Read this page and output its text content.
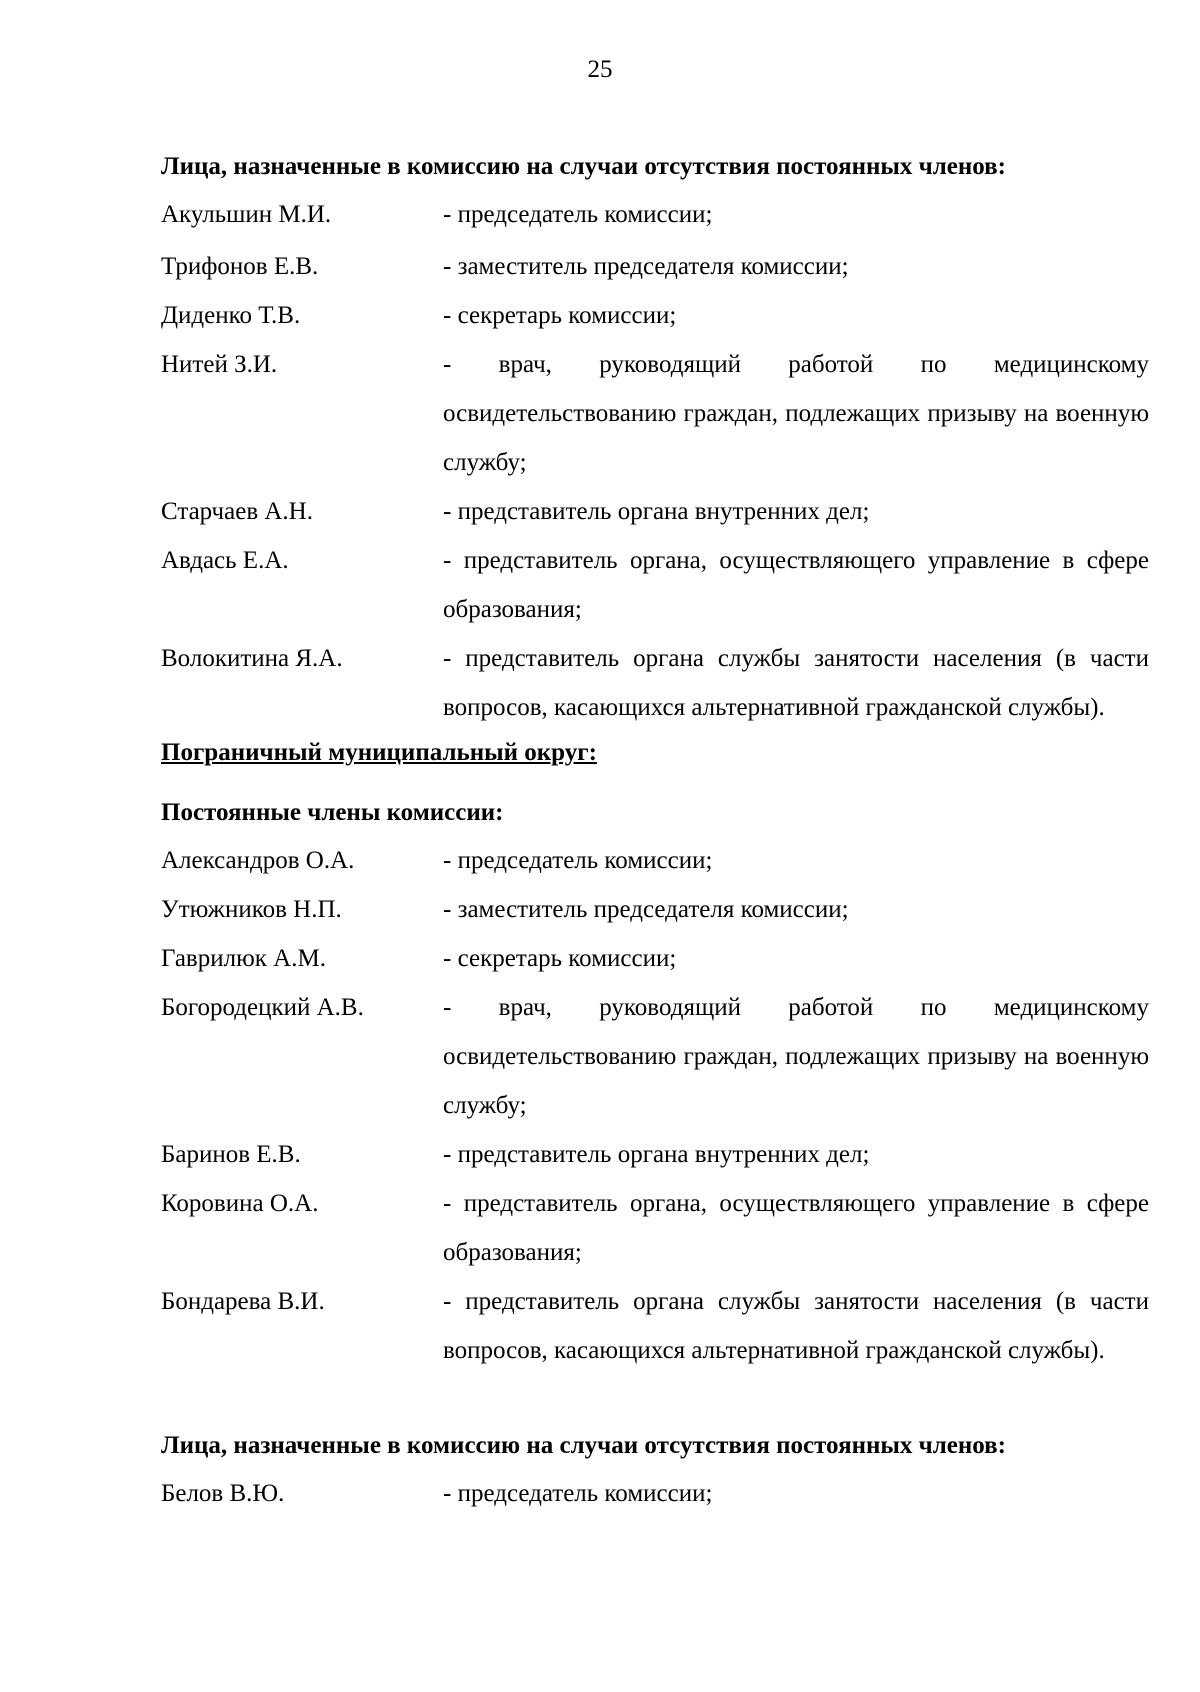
25
Лица, назначенные в комиссию на случаи отсутствия постоянных членов:
Акульшин М.И.	- председатель комиссии;
Трифонов Е.В.	- заместитель председателя комиссии;
Диденко Т.В.	- секретарь комиссии;
Нитей З.И.	- врач, руководящий работой по медицинскому освидетельствованию граждан, подлежащих призыву на военную службу;
Старчаев А.Н.	- представитель органа внутренних дел;
Авдась Е.А.	- представитель органа, осуществляющего управление в сфере образования;
Волокитина Я.А.	- представитель органа службы занятости населения (в части вопросов, касающихся альтернативной гражданской службы).
Пограничный муниципальный округ:
Постоянные члены комиссии:
Александров О.А.	- председатель комиссии;
Утюжников Н.П.	- заместитель председателя комиссии;
Гаврилюк А.М.	- секретарь комиссии;
Богородецкий А.В.	- врач, руководящий работой по медицинскому освидетельствованию граждан, подлежащих призыву на военную службу;
Баринов Е.В.	- представитель органа внутренних дел;
Коровина О.А.	- представитель органа, осуществляющего управление в сфере образования;
Бондарева В.И.	- представитель органа службы занятости населения (в части вопросов, касающихся альтернативной гражданской службы).
Лица, назначенные в комиссию на случаи отсутствия постоянных членов:
Белов В.Ю.	- председатель комиссии;
